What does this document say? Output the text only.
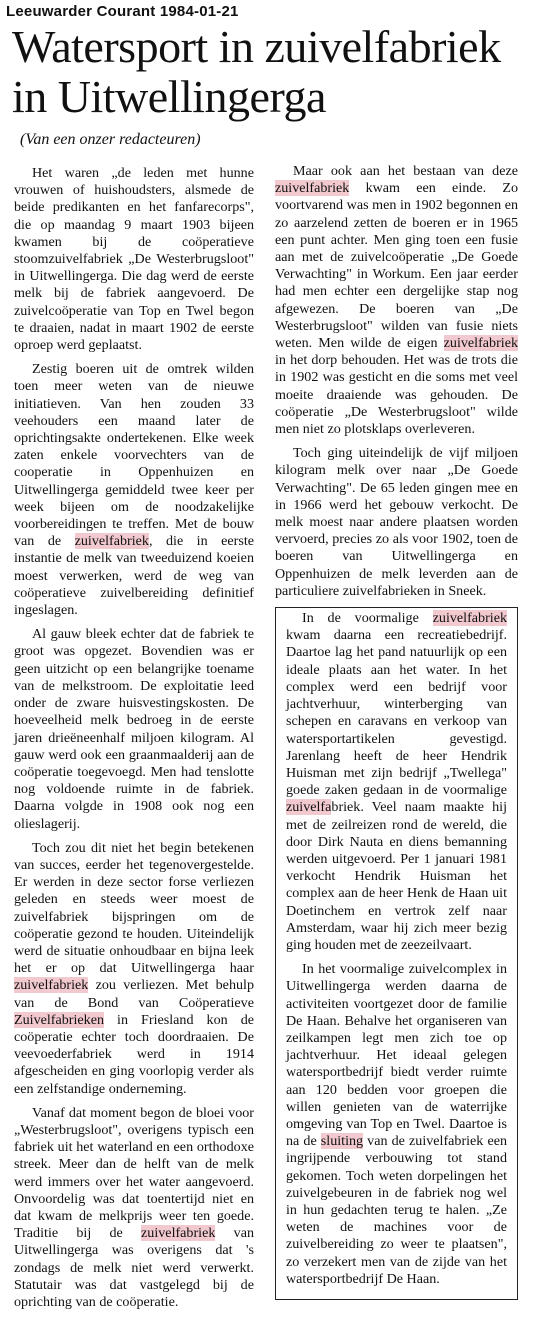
Leeuwarder Courant 1984-01-21
Watersport in zuivelfabriek in Uitwellingerga
(Van een onzer redacteuren)

Het waren „de leden met hunne vrouwen of huishoudsters, alsmede de beide predikanten en het fanfarecorps", die op maandag 9 maart 1903 bijeen kwamen bij de coöperatieve stoomzuivelfabriek „De Westerbrugsloot" in Uitwellingerga. Die dag werd de eerste melk bij de fabriek aangevoerd. De zuivelcoöperatie van Top en Twel begon te draaien, nadat in maart 1902 de eerste oproep werd geplaatst.

Zestig boeren uit de omtrek wilden toen meer weten van de nieuwe initiatieven. Van hen zouden 33 veehouders een maand later de oprichtingsakte ondertekenen. Elke week zaten enkele voorvechters van de cooperatie in Oppenhuizen en Uitwellingerga gemiddeld twee keer per week bijeen om de noodzakelijke voorbereidingen te treffen. Met de bouw van de zuivelfabriek, die in eerste instantie de melk van tweeduizend koeien moest verwerken, werd de weg van coöperatieve zuivelbereiding definitief ingeslagen.

Al gauw bleek echter dat de fabriek te groot was opgezet. Bovendien was er geen uitzicht op een belangrijke toename van de melkstroom. De exploitatie leed onder de zware huisvestingskosten. De hoeveelheid melk bedroeg in de eerste jaren drieëneenhalf miljoen kilogram. Al gauw werd ook een graanmaalderij aan de coöperatie toegevoegd. Men had tenslotte nog voldoende ruimte in de fabriek. Daarna volgde in 1908 ook nog een olieslagerij.

Toch zou dit niet het begin betekenen van succes, eerder het tegenovergestelde. Er werden in deze sector forse verliezen geleden en steeds weer moest de zuivelfabriek bijspringen om de coöperatie gezond te houden. Uiteindelijk werd de situatie onhoudbaar en bijna leek het er op dat Uitwellingerga haar zuivelfabriek zou verliezen. Met behulp van de Bond van Coöperatieve Zuivelfabrieken in Friesland kon de coöperatie echter toch doordraaien. De veevoederfabriek werd in 1914 afgescheiden en ging voorlopig verder als een zelfstandige onderneming.

Vanaf dat moment begon de bloei voor „Westerbrugsloot", overigens typisch een fabriek uit het waterland en een orthodoxe streek. Meer dan de helft van de melk werd immers over het water aangevoerd. Onvoordelig was dat toentertijd niet en dat kwam de melkprijs weer ten goede. Traditie bij de zuivelfabriek van Uitwellingerga was overigens dat 's zondags de melk niet werd verwerkt. Statutair was dat vastgelegd bij de oprichting van de coöperatie.

Maar ook aan het bestaan van deze zuivelfabriek kwam een einde. Zo voortvarend was men in 1902 begonnen en zo aarzelend zetten de boeren er in 1965 een punt achter. Men ging toen een fusie aan met de zuivelcoöperatie „De Goede Verwachting" in Workum. Een jaar eerder had men echter een dergelijke stap nog afgewezen. De boeren van „De Westerbrugsloot" wilden van fusie niets weten. Men wilde de eigen zuivelfabriek in het dorp behouden. Het was de trots die in 1902 was gesticht en die soms met veel moeite draaiende was gehouden. De coöperatie „De Westerbrugsloot" wilde men niet zo plotsklaps overleveren.

Toch ging uiteindelijk de vijf miljoen kilogram melk over naar „De Goede Verwachting". De 65 leden gingen mee en in 1966 werd het gebouw verkocht. De melk moest naar andere plaatsen worden vervoerd, precies zo als voor 1902, toen de boeren van Uitwellingerga en Oppenhuizen de melk leverden aan de particuliere zuivelfabrieken in Sneek.

In de voormalige zuivelfabriek kwam daarna een recreatiebedrijf. Daartoe lag het pand natuurlijk op een ideale plaats aan het water. In het complex werd een bedrijf voor jachtverhuur, winterberging van schepen en caravans en verkoop van watersportartikelen gevestigd. Jarenlang heeft de heer Hendrik Huisman met zijn bedrijf „Twellega" goede zaken gedaan in de voormalige zuivelfabriek. Veel naam maakte hij met de zeilreizen rond de wereld, die door Dirk Nauta en diens bemanning werden uitgevoerd. Per 1 januari 1981 verkocht Hendrik Huisman het complex aan de heer Henk de Haan uit Doetinchem en vertrok zelf naar Amsterdam, waar hij zich meer bezig ging houden met de zeezeilvaart.

In het voormalige zuivelcomplex in Uitwellingerga werden daarna de activiteiten voortgezet door de familie De Haan. Behalve het organiseren van zeilkampen legt men zich toe op jachtverhuur. Het ideaal gelegen watersportbedrijf biedt verder ruimte aan 120 bedden voor groepen die willen genieten van de waterrijke omgeving van Top en Twel. Daartoe is na de sluiting van de zuivelfabriek een ingrijpende verbouwing tot stand gekomen. Toch weten dorpelingen het zuivelgebeuren in de fabriek nog wel in hun gedachten terug te halen. „Ze weten de machines voor de zuivelbereiding zo weer te plaatsen", zo verzekert men van de zijde van het watersportbedrijf De Haan.
